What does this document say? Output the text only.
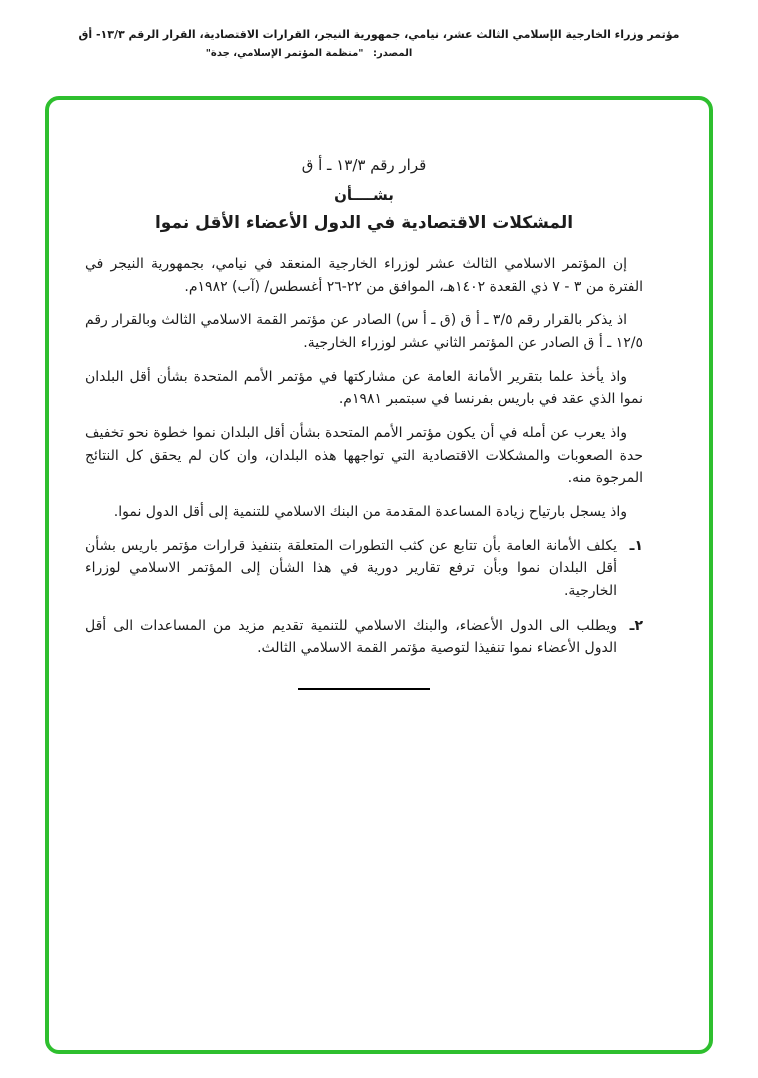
مؤتمر وزراء الخارجية الإسلامي الثالث عشر، نيامي، جمهورية النيجر، القرارات الاقتصادية، القرار الرقم ١٣/٣- أق
المصدر: "منظمة المؤتمر الإسلامي، جدة"
قرار رقم ١٣/٣ ـ أ ق
بشــــأن
المشكلات الاقتصادية في الدول الأعضاء الأقل نموا

إن المؤتمر الاسلامي الثالث عشر لوزراء الخارجية المنعقد في نيامي، بجمهورية النيجر في الفترة من ٣ - ٧ ذي القعدة ١٤٠٢هـ، الموافق من ٢٢-٢٦ أغسطس/ (آب) ١٩٨٢م.

اذ يذكر بالقرار رقم ٣/٥ ـ أ ق (ق ـ أ س) الصادر عن مؤتمر القمة الاسلامي الثالث وبالقرار رقم ١٢/٥ ـ أ ق الصادر عن المؤتمر الثاني عشر لوزراء الخارجية.

واذ يأخذ علما بتقرير الأمانة العامة عن مشاركتها في مؤتمر الأمم المتحدة بشأن أقل البلدان نموا الذي عقد في باريس بفرنسا في سبتمبر ١٩٨١م.

واذ يعرب عن أمله في أن يكون مؤتمر الأمم المتحدة بشأن أقل البلدان نموا خطوة نحو تخفيف حدة الصعوبات والمشكلات الاقتصادية التي تواجهها هذه البلدان، وان كان لم يحقق كل النتائج المرجوة منه.

واذ يسجل بارتياح زيادة المساعدة المقدمة من البنك الاسلامي للتنمية إلى أقل الدول نموا.

١ـ
يكلف الأمانة العامة بأن تتابع عن كثب التطورات المتعلقة بتنفيذ قرارات مؤتمر باريس بشأن أقل البلدان نموا وبأن ترفع تقارير دورية في هذا الشأن إلى المؤتمر الاسلامي لوزراء الخارجية.
٢ـ
ويطلب الى الدول الأعضاء، والبنك الاسلامي للتنمية تقديم مزيد من المساعدات الى أقل الدول الأعضاء نموا تنفيذا لتوصية مؤتمر القمة الاسلامي الثالث.
